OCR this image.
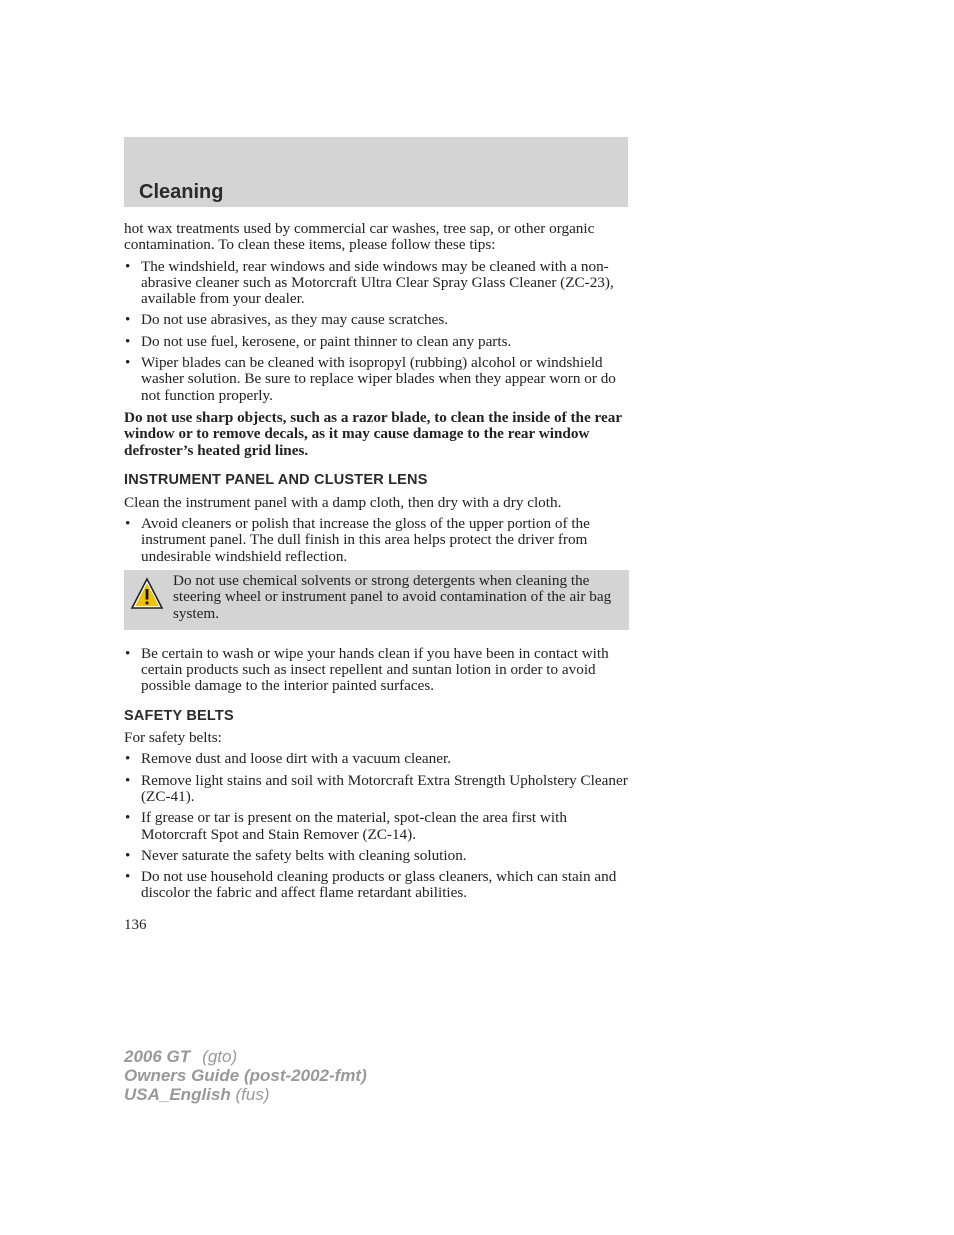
Cleaning

hot wax treatments used by commercial car washes, tree sap, or other organic contamination. To clean these items, please follow these tips:

• The windshield, rear windows and side windows may be cleaned with a non-abrasive cleaner such as Motorcraft Ultra Clear Spray Glass Cleaner (ZC-23), available from your dealer.
• Do not use abrasives, as they may cause scratches.
• Do not use fuel, kerosene, or paint thinner to clean any parts.
• Wiper blades can be cleaned with isopropyl (rubbing) alcohol or windshield washer solution. Be sure to replace wiper blades when they appear worn or do not function properly.

Do not use sharp objects, such as a razor blade, to clean the inside of the rear window or to remove decals, as it may cause damage to the rear window defroster’s heated grid lines.

INSTRUMENT PANEL AND CLUSTER LENS

Clean the instrument panel with a damp cloth, then dry with a dry cloth.

• Avoid cleaners or polish that increase the gloss of the upper portion of the instrument panel. The dull finish in this area helps protect the driver from undesirable windshield reflection.
Do not use chemical solvents or strong detergents when cleaning the steering wheel or instrument panel to avoid contamination of the air bag system.
• Be certain to wash or wipe your hands clean if you have been in contact with certain products such as insect repellent and suntan lotion in order to avoid possible damage to the interior painted surfaces.
SAFETY BELTS

For safety belts:

• Remove dust and loose dirt with a vacuum cleaner.
• Remove light stains and soil with Motorcraft Extra Strength Upholstery Cleaner (ZC-41).
• If grease or tar is present on the material, spot-clean the area first with Motorcraft Spot and Stain Remover (ZC-14).
• Never saturate the safety belts with cleaning solution.
• Do not use household cleaning products or glass cleaners, which can stain and discolor the fabric and affect flame retardant abilities.

136

2006 GT (gto)
Owners Guide (post-2002-fmt)
USA_English (fus)
